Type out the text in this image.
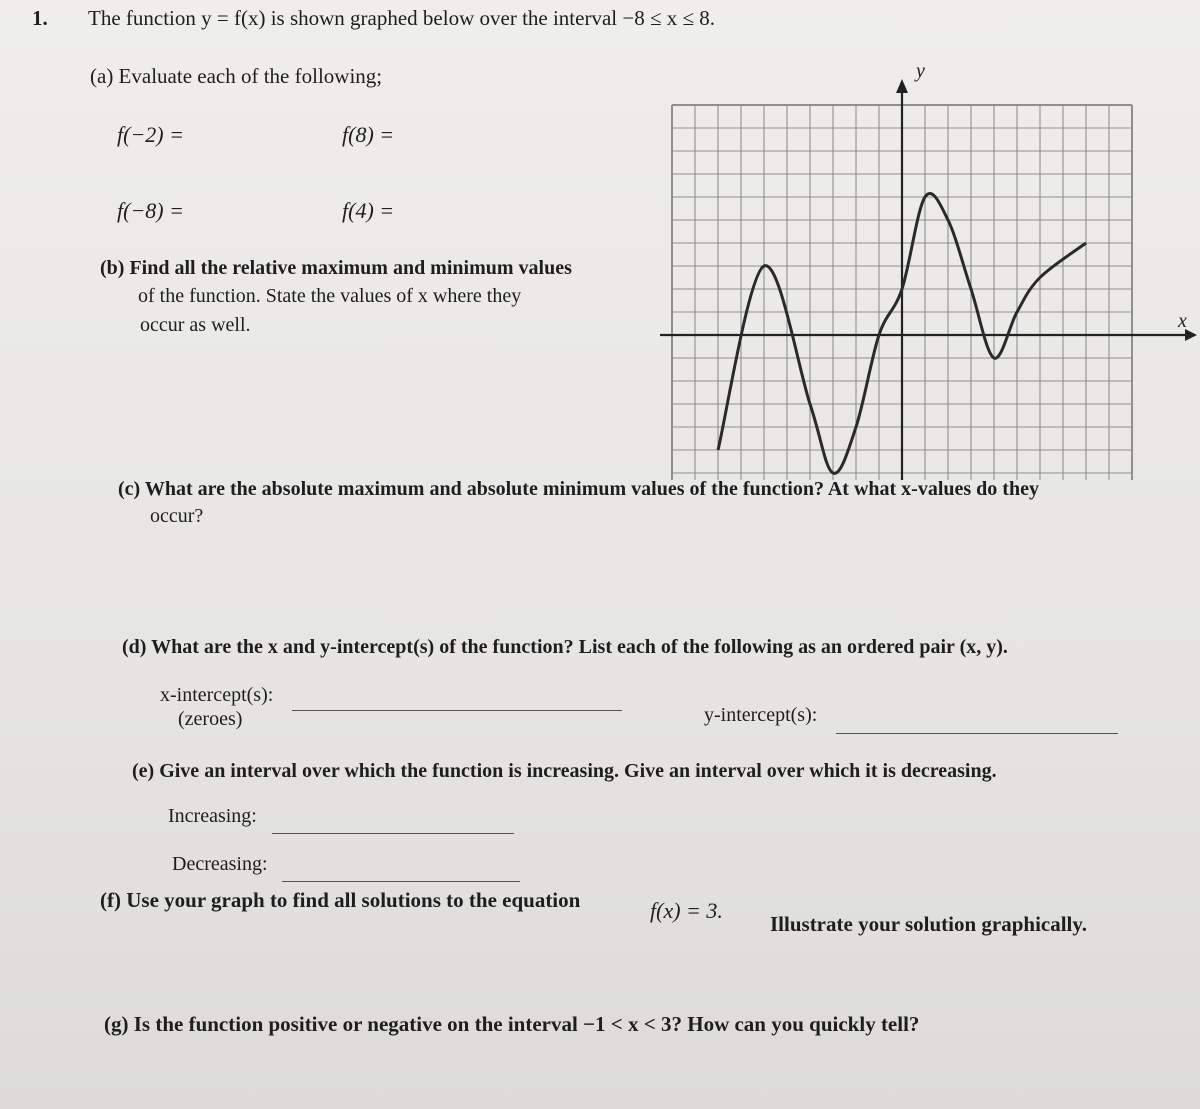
1. The function y = f(x) is shown graphed below over the interval −8 ≤ x ≤ 8.
(a) Evaluate each of the following;
f(−2) =	f(8) =
f(−8) =	f(4) =
(b) Find all the relative maximum and minimum values
of the function. State the values of x where they
occur as well.	x
y
(c) What are the absolute maximum and absolute minimum values of the function? At what x-values do they
occur?
(d) What are the x and y-intercept(s) of the function? List each of the following as an ordered pair (x, y).
x-intercept(s):
(zeroes)	y-intercept(s):
(e) Give an interval over which the function is increasing. Give an interval over which it is decreasing.
Increasing:
Decreasing:
(f) Use your graph to find all solutions to the equation	f(x) = 3.
Illustrate your solution graphically.
(g) Is the function positive or negative on the interval −1 < x < 3? How can you quickly tell?
